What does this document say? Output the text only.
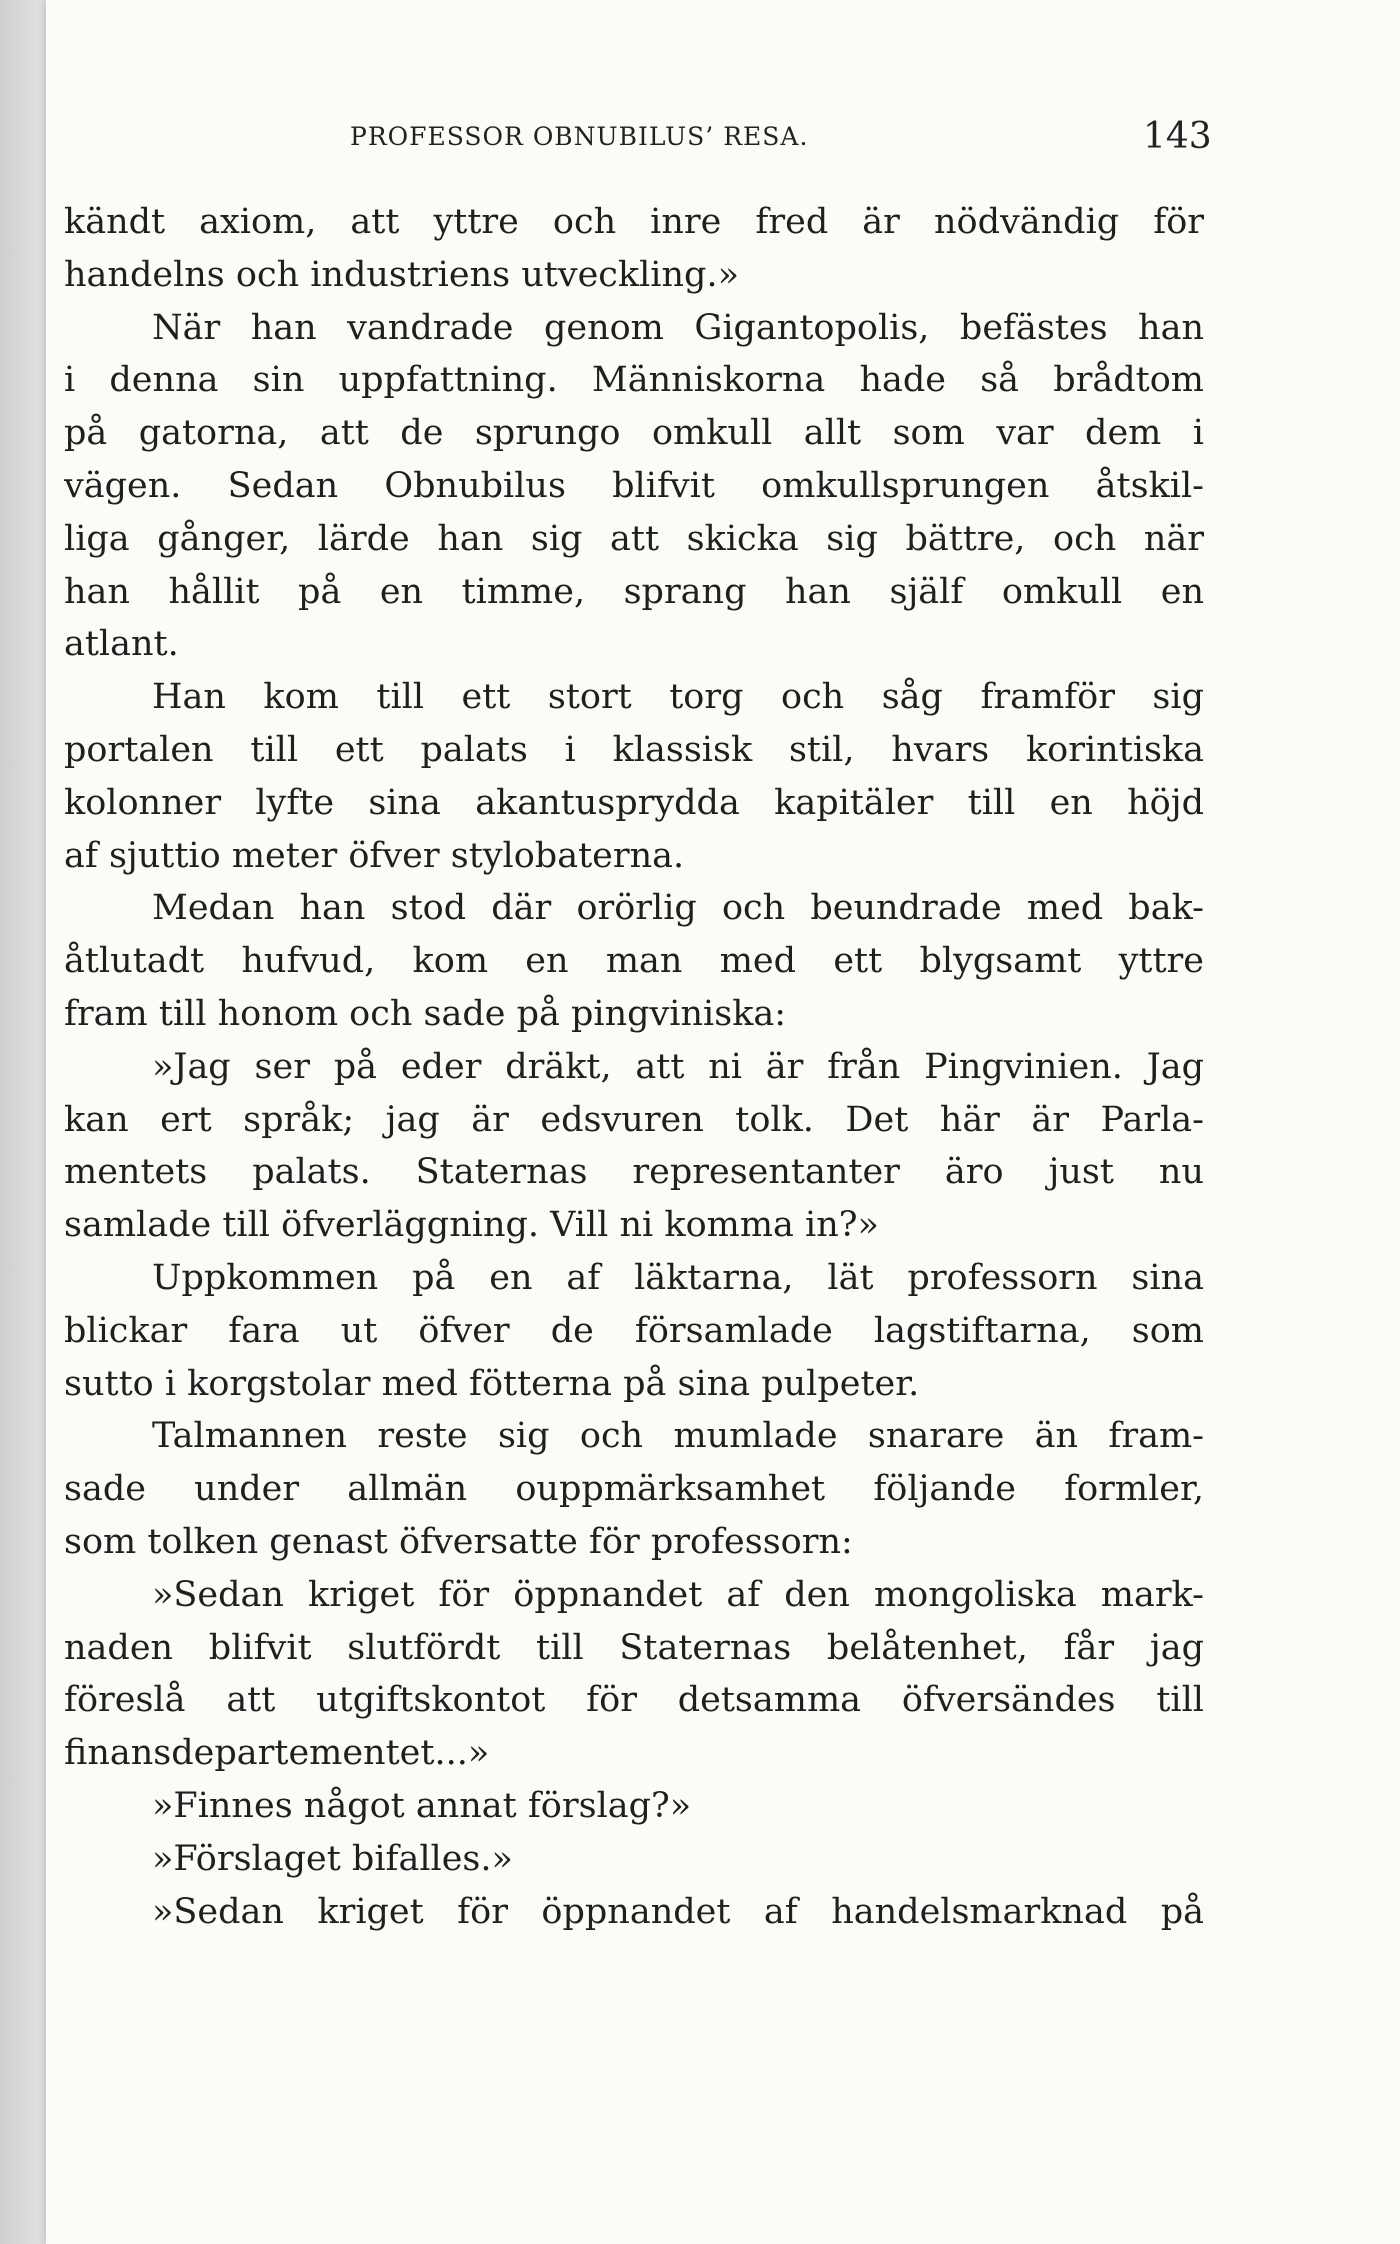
PROFESSOR OBNUBILUS’ RESA.	143
kändt axiom, att yttre och inre fred är nödvändig för
handelns och industriens utveckling.»
När han vandrade genom Gigantopolis, befästes han
i denna sin uppfattning. Människorna hade så brådtom
på gatorna, att de sprungo omkull allt som var dem i
vägen. Sedan Obnubilus blifvit omkullsprungen åtskil-
liga gånger, lärde han sig att skicka sig bättre, och när
han hållit på en timme, sprang han själf omkull en
atlant.
Han kom till ett stort torg och såg framför sig
portalen till ett palats i klassisk stil, hvars korintiska
kolonner lyfte sina akantusprydda kapitäler till en höjd
af sjuttio meter öfver stylobaterna.
Medan han stod där orörlig och beundrade med bak-
åtlutadt hufvud, kom en man med ett blygsamt yttre
fram till honom och sade på pingviniska:
»Jag ser på eder dräkt, att ni är från Pingvinien. Jag
kan ert språk; jag är edsvuren tolk. Det här är Parla-
mentets palats. Staternas representanter äro just nu
samlade till öfverläggning. Vill ni komma in?»
Uppkommen på en af läktarna, lät professorn sina
blickar fara ut öfver de församlade lagstiftarna, som
sutto i korgstolar med fötterna på sina pulpeter.
Talmannen reste sig och mumlade snarare än fram-
sade under allmän ouppmärksamhet följande formler,
som tolken genast öfversatte för professorn:
»Sedan kriget för öppnandet af den mongoliska mark-
naden blifvit slutfördt till Staternas belåtenhet, får jag
föreslå att utgiftskontot för detsamma öfversändes till
finansdepartementet...»
»Finnes något annat förslag?»
»Förslaget bifalles.»
»Sedan kriget för öppnandet af handelsmarknad på
